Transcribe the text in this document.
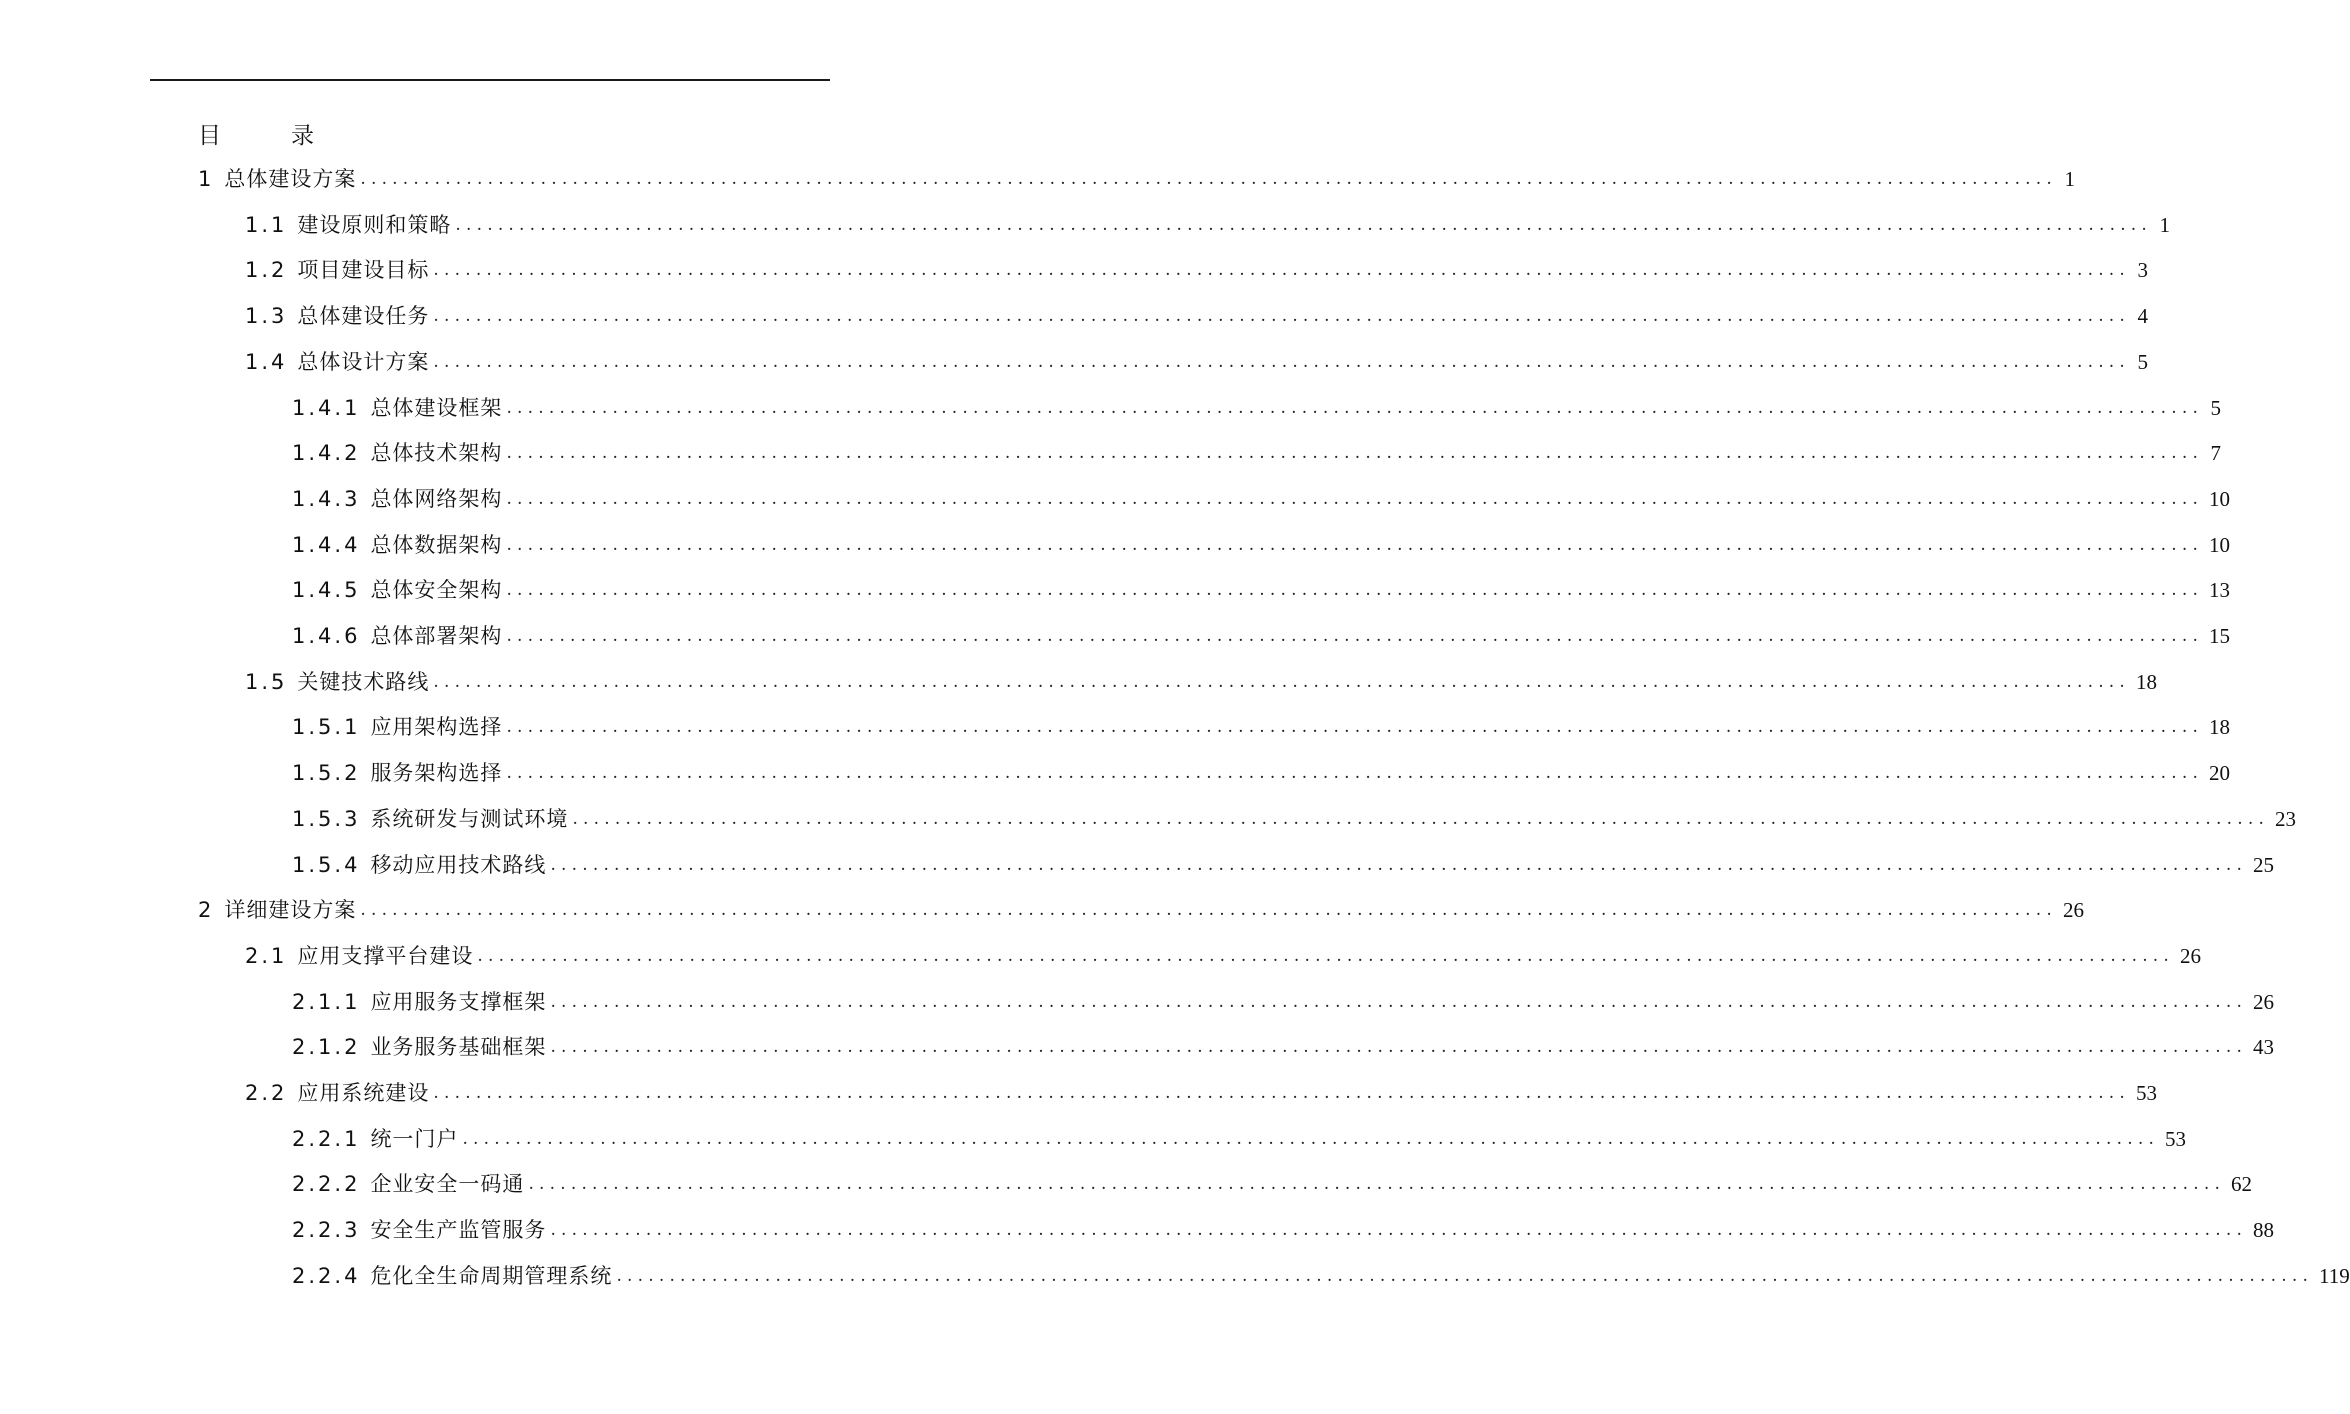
目	录
1 总体建设方案 ................................................................................................................................................................ 1
1.1 建设原则和策略 ................................................................................................................................................................ 1
1.2 项目建设目标 ................................................................................................................................................................ 3
1.3 总体建设任务 ................................................................................................................................................................ 4
1.4 总体设计方案 ................................................................................................................................................................ 5
1.4.1 总体建设框架 ................................................................................................................................................................ 5
1.4.2 总体技术架构 ................................................................................................................................................................ 7
1.4.3 总体网络架构 ................................................................................................................................................................ 10
1.4.4 总体数据架构 ................................................................................................................................................................ 10
1.4.5 总体安全架构 ................................................................................................................................................................ 13
1.4.6 总体部署架构 ................................................................................................................................................................ 15
1.5 关键技术路线 ................................................................................................................................................................ 18
1.5.1 应用架构选择 ................................................................................................................................................................ 18
1.5.2 服务架构选择 ................................................................................................................................................................ 20
1.5.3 系统研发与测试环境 ................................................................................................................................................................ 23
1.5.4 移动应用技术路线 ................................................................................................................................................................ 25
2 详细建设方案 ................................................................................................................................................................ 26
2.1 应用支撑平台建设 ................................................................................................................................................................ 26
2.1.1 应用服务支撑框架 ................................................................................................................................................................ 26
2.1.2 业务服务基础框架 ................................................................................................................................................................ 43
2.2 应用系统建设 ................................................................................................................................................................ 53
2.2.1 统一门户 ................................................................................................................................................................ 53
2.2.2 企业安全一码通 ................................................................................................................................................................ 62
2.2.3 安全生产监管服务 ................................................................................................................................................................ 88
2.2.4 危化全生命周期管理系统 ................................................................................................................................................................ 119
